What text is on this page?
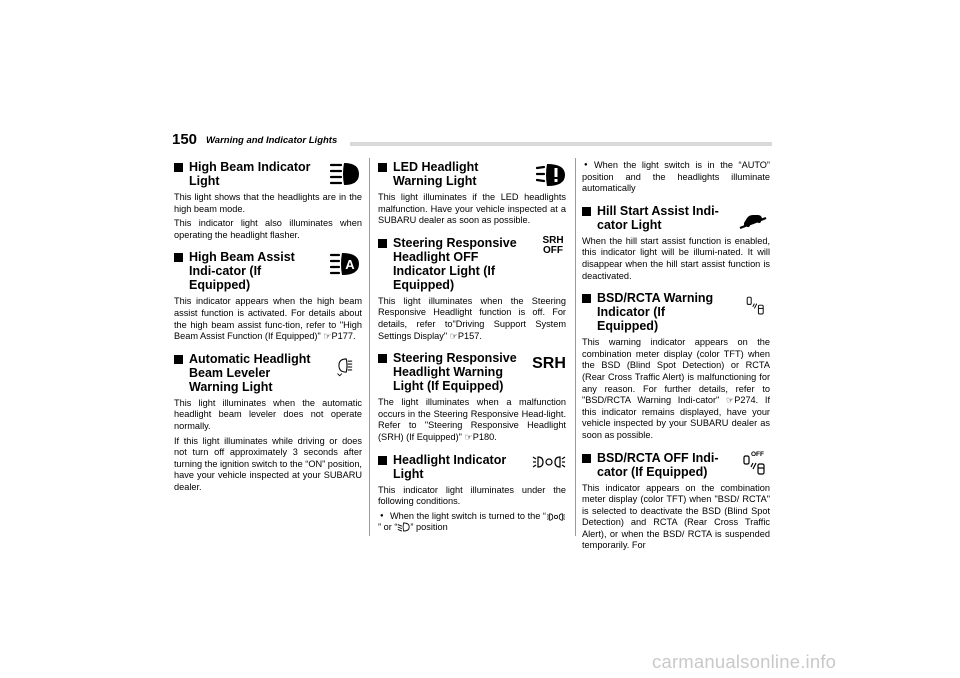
150 Warning and Indicator Lights
High Beam Indicator Light

This light shows that the headlights are in the high beam mode.

This indicator light also illuminates when operating the headlight flasher.

High Beam Assist Indi-cator (If Equipped)
A

This indicator appears when the high beam assist function is activated. For details about the high beam assist func-tion, refer to "High Beam Assist Function (If Equipped)" ☞P177.

Automatic Headlight Beam Leveler Warning Light

This light illuminates when the automatic headlight beam leveler does not operate normally.

If this light illuminates while driving or does not turn off approximately 3 seconds after turning the ignition switch to the “ON” position, have your vehicle inspected at your SUBARU dealer.

LED Headlight Warning Light

This light illuminates if the LED headlights malfunction. Have your vehicle inspected at a SUBARU dealer as soon as possible.

Steering Responsive Headlight OFF Indicator Light (If Equipped)
SRH
OFF

This light illuminates when the Steering Responsive Headlight function is off. For details, refer to"Driving Support System Settings Display" ☞P157.

Steering Responsive Headlight Warning Light (If Equipped)
SRH

The light illuminates when a malfunction occurs in the Steering Responsive Head-light. Refer to "Steering Responsive Headlight (SRH) (If Equipped)" ☞P180.

Headlight Indicator Light

This indicator light illuminates under the following conditions.

● When the light switch is turned to the “” or “ ” position

● When the light switch is in the “AUTO” position and the headlights illuminate automatically

Hill Start Assist Indi-cator Light

When the hill start assist function is enabled, this indicator light will be illumi-nated. It will disappear when the hill start assist function is deactivated.

BSD/RCTA Warning Indicator (If Equipped)

This warning indicator appears on the combination meter display (color TFT) when the BSD (Blind Spot Detection) or RCTA (Rear Cross Traffic Alert) is malfunctioning for any reason. For further details, refer to "BSD/RCTA Warning Indi-cator" ☞P274. If this indicator remains displayed, have your vehicle inspected by your SUBARU dealer as soon as possible.

BSD/RCTA OFF Indi-cator (If Equipped)
OFF

This indicator appears on the combination meter display (color TFT) when "BSD/ RCTA" is selected to deactivate the BSD (Blind Spot Detection) and RCTA (Rear Cross Traffic Alert), or when the BSD/ RCTA is suspended temporarily. For

carmanualsonline.info
